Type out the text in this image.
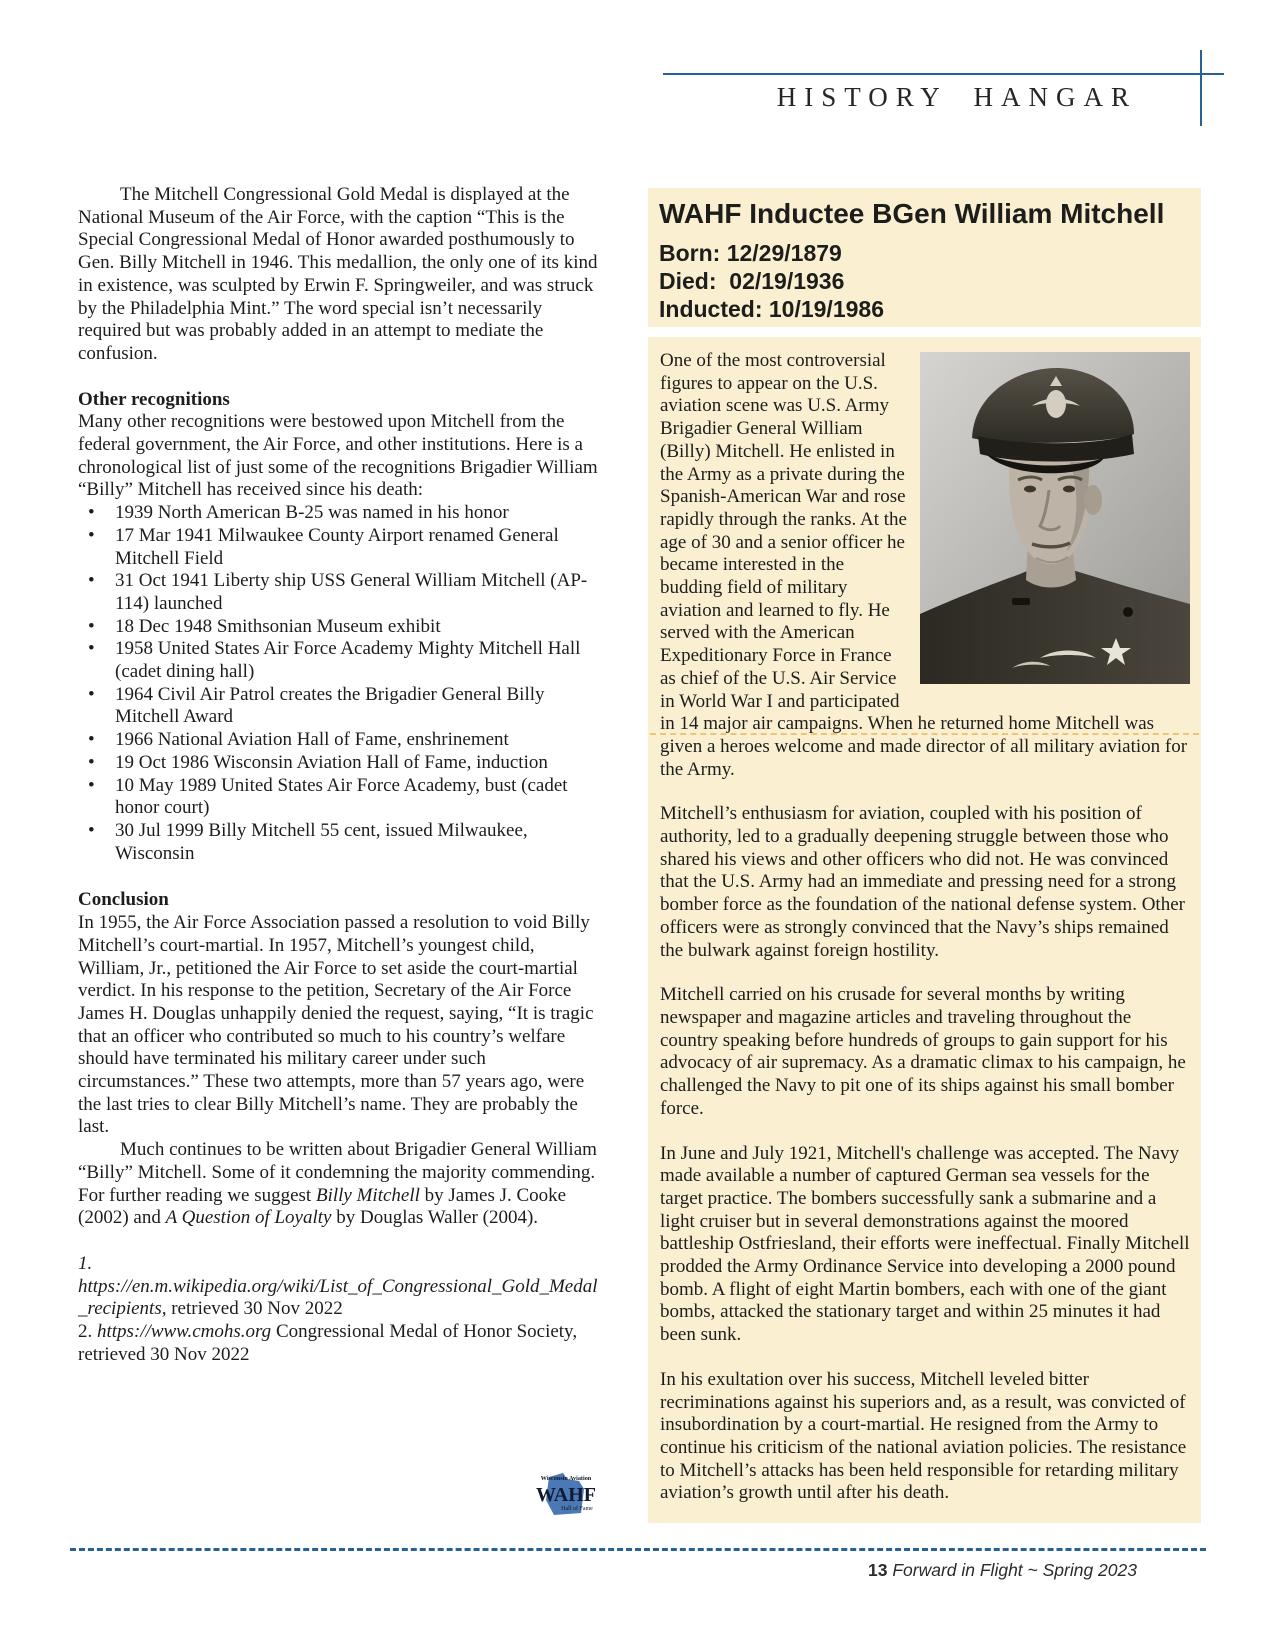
HISTORY HANGAR

The Mitchell Congressional Gold Medal is displayed at the National Museum of the Air Force, with the caption “This is the Special Congressional Medal of Honor awarded posthumously to Gen. Billy Mitchell in 1946. This medallion, the only one of its kind in existence, was sculpted by Erwin F. Springweiler, and was struck by the Philadelphia Mint.” The word special isn’t necessarily required but was probably added in an attempt to mediate the confusion.

Other recognitions

Many other recognitions were bestowed upon Mitchell from the federal government, the Air Force, and other institutions. Here is a chronological list of just some of the recognitions Brigadier William “Billy” Mitchell has received since his death:

• 1939 North American B-25 was named in his honor
• 17 Mar 1941 Milwaukee County Airport renamed General Mitchell Field
• 31 Oct 1941 Liberty ship USS General William Mitchell (AP-114) launched
• 18 Dec 1948 Smithsonian Museum exhibit
• 1958 United States Air Force Academy Mighty Mitchell Hall (cadet dining hall)
• 1964 Civil Air Patrol creates the Brigadier General Billy Mitchell Award
• 1966 National Aviation Hall of Fame, enshrinement
• 19 Oct 1986 Wisconsin Aviation Hall of Fame, induction
• 10 May 1989 United States Air Force Academy, bust (cadet honor court)
• 30 Jul 1999 Billy Mitchell 55 cent, issued Milwaukee, Wisconsin

Conclusion

In 1955, the Air Force Association passed a resolution to void Billy Mitchell’s court-martial. In 1957, Mitchell’s youngest child, William, Jr., petitioned the Air Force to set aside the court-martial verdict. In his response to the petition, Secretary of the Air Force James H. Douglas unhappily denied the request, saying, “It is tragic that an officer who contributed so much to his country’s welfare should have terminated his military career under such circumstances.” These two attempts, more than 57 years ago, were the last tries to clear Billy Mitchell’s name. They are probably the last.

Much continues to be written about Brigadier General William “Billy” Mitchell. Some of it condemning the majority commending. For further reading we suggest Billy Mitchell by James J. Cooke (2002) and A Question of Loyalty by Douglas Waller (2004).

1. https://en.m.wikipedia.org/wiki/List_of_Congressional_Gold_Medal_recipients, retrieved 30 Nov 2022

2. https://www.cmohs.org Congressional Medal of Honor Society, retrieved 30 Nov 2022

Wisconsin Aviation
WAHF
Hall of Fame
WAHF Inductee BGen William Mitchell
Born: 12/29/1879
Died:  02/19/1936
Inducted: 10/19/1986

One of the most controversial figures to appear on the U.S. aviation scene was U.S. Army Brigadier General William (Billy) Mitchell. He enlisted in the Army as a private during the Spanish-American War and rose rapidly through the ranks. At the age of 30 and a senior officer he became interested in the budding field of military aviation and learned to fly. He served with the American Expeditionary Force in France as chief of the U.S. Air Service in World War I and participated in 14 major air campaigns. When he returned home Mitchell was given a heroes welcome and made director of all military aviation for the Army.

Mitchell’s enthusiasm for aviation, coupled with his position of authority, led to a gradually deepening struggle between those who shared his views and other officers who did not. He was convinced that the U.S. Army had an immediate and pressing need for a strong bomber force as the foundation of the national defense system. Other officers were as strongly convinced that the Navy’s ships remained the bulwark against foreign hostility.

Mitchell carried on his crusade for several months by writing newspaper and magazine articles and traveling throughout the country speaking before hundreds of groups to gain support for his advocacy of air supremacy. As a dramatic climax to his campaign, he challenged the Navy to pit one of its ships against his small bomber force.

In June and July 1921, Mitchell's challenge was accepted. The Navy made available a number of captured German sea vessels for the target practice. The bombers successfully sank a submarine and a light cruiser but in several demonstrations against the moored battleship Ostfriesland, their efforts were ineffectual. Finally Mitchell prodded the Army Ordinance Service into developing a 2000 pound bomb. A flight of eight Martin bombers, each with one of the giant bombs, attacked the stationary target and within 25 minutes it had been sunk.

In his exultation over his success, Mitchell leveled bitter recriminations against his superiors and, as a result, was convicted of insubordination by a court-martial. He resigned from the Army to continue his criticism of the national aviation policies. The resistance to Mitchell’s attacks has been held responsible for retarding military aviation’s growth until after his death.

13 Forward in Flight ~ Spring 2023
